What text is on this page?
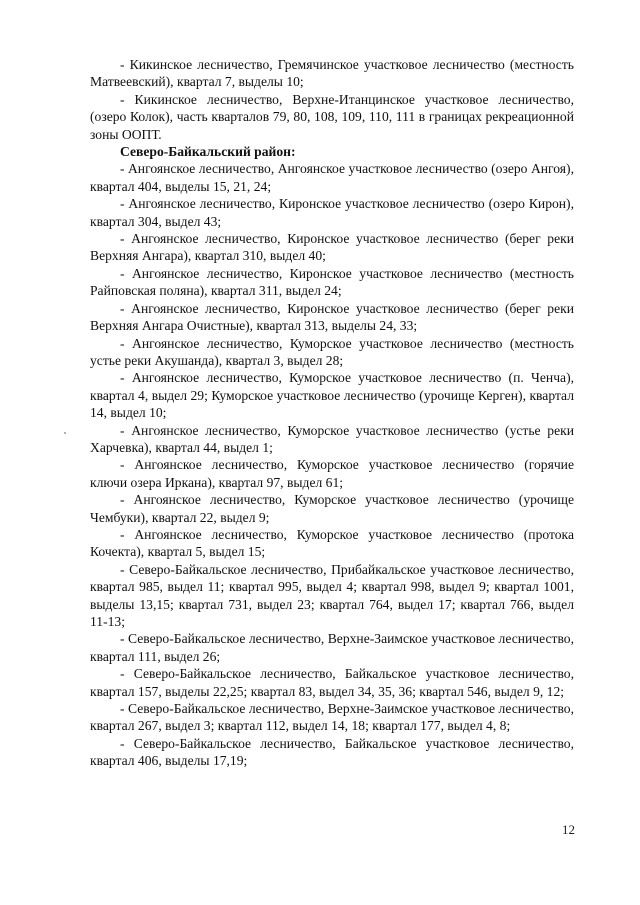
- Кикинское лесничество, Гремячинское участковое лесничество (местность Матвеевский), квартал 7, выделы 10;

- Кикинское лесничество, Верхне-Итанцинское участковое лесничество, (озеро Колок), часть кварталов 79, 80, 108, 109, 110, 111 в границах рекреационной зоны ООПТ.

Северо-Байкальский район:

- Ангоянское лесничество, Ангоянское участковое лесничество (озеро Ангоя), квартал 404, выделы 15, 21, 24;

- Ангоянское лесничество, Киронское участковое лесничество (озеро Кирон), квартал 304, выдел 43;

- Ангоянское лесничество, Киронское участковое лесничество (берег реки Верхняя Ангара), квартал 310, выдел 40;

- Ангоянское лесничество, Киронское участковое лесничество (местность Райповская поляна), квартал 311, выдел 24;

- Ангоянское лесничество, Киронское участковое лесничество (берег реки Верхняя Ангара Очистные), квартал 313, выделы 24, 33;

- Ангоянское лесничество, Куморское участковое лесничество (местность устье реки Акушанда), квартал 3, выдел 28;

- Ангоянское лесничество, Куморское участковое лесничество (п. Ченча), квартал 4, выдел 29; Куморское участковое лесничество (урочище Керген), квартал 14, выдел 10;

- Ангоянское лесничество, Куморское участковое лесничество (устье реки Харчевка), квартал 44, выдел 1;

- Ангоянское лесничество, Куморское участковое лесничество (горячие ключи озера Иркана), квартал 97, выдел 61;

- Ангоянское лесничество, Куморское участковое лесничество (урочище Чембуки), квартал 22, выдел 9;

- Ангоянское лесничество, Куморское участковое лесничество (протока Кочекта), квартал 5, выдел 15;

- Северо-Байкальское лесничество, Прибайкальское участковое лесничество, квартал 985, выдел 11; квартал 995, выдел 4; квартал 998, выдел 9; квартал 1001, выделы 13,15; квартал 731, выдел 23; квартал 764, выдел 17; квартал 766, выдел 11-13;

- Северо-Байкальское лесничество, Верхне-Заимское участковое лесничество, квартал 111, выдел 26;

- Северо-Байкальское лесничество, Байкальское участковое лесничество, квартал 157, выделы 22,25; квартал 83, выдел 34, 35, 36; квартал 546, выдел 9, 12;

- Северо-Байкальское лесничество, Верхне-Заимское участковое лесничество, квартал 267, выдел 3; квартал 112, выдел 14, 18; квартал 177, выдел 4, 8;

- Северо-Байкальское лесничество, Байкальское участковое лесничество, квартал 406, выделы 17,19;

12
